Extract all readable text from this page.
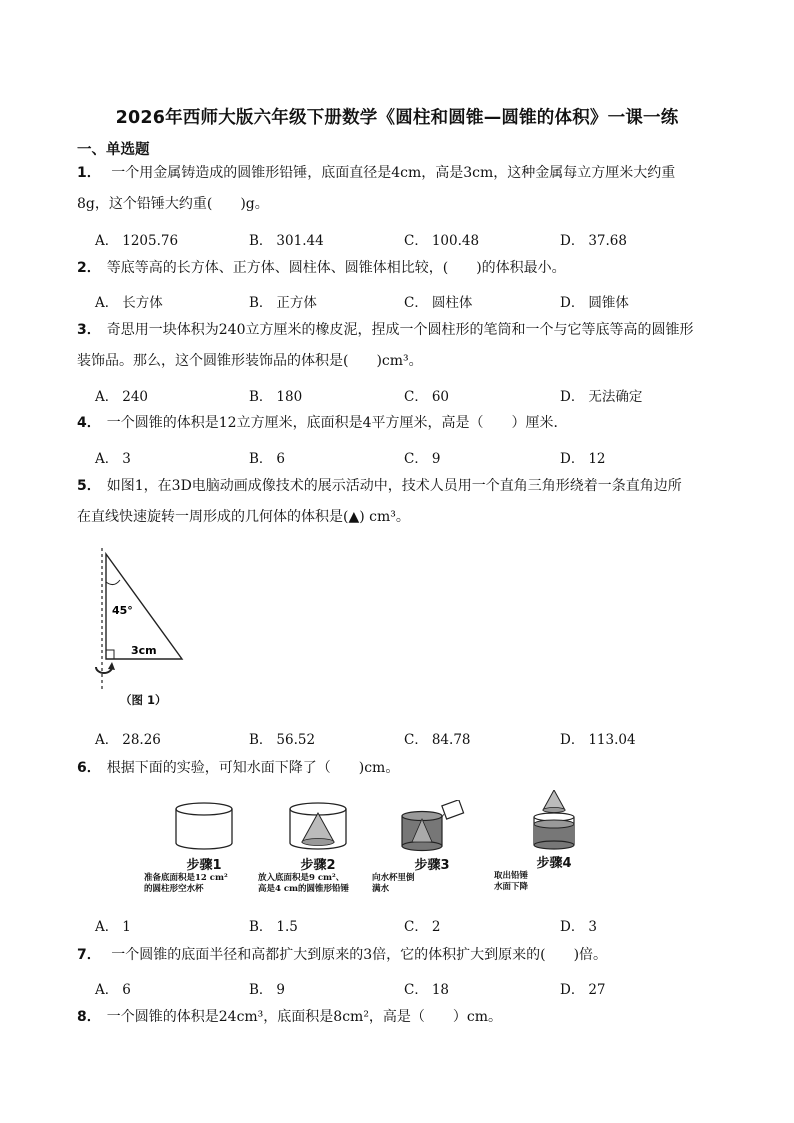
2026年西师大版六年级下册数学《圆柱和圆锥—圆锥的体积》一课一练
一、单选题
1． 一个用金属铸造成的圆锥形铅锤，底面直径是4cm，高是3cm，这种金属每立方厘米大约重
8g，这个铅锤大约重(　　)g。
A． 1205.76	B． 301.44	C． 100.48	D． 37.68
2． 等底等高的长方体、正方体、圆柱体、圆锥体相比较，(　　)的体积最小。
A． 长方体	B． 正方体	C． 圆柱体	D． 圆锥体
3． 奇思用一块体积为240立方厘米的橡皮泥，捏成一个圆柱形的笔筒和一个与它等底等高的圆锥形
装饰品。那么，这个圆锥形装饰品的体积是(　　)cm³。
A． 240	B． 180	C． 60	D． 无法确定
4． 一个圆锥的体积是12立方厘米，底面积是4平方厘米，高是（　　）厘米．
A． 3	B． 6	C． 9	D． 12
5． 如图1，在3D电脑动画成像技术的展示活动中，技术人员用一个直角三角形绕着一条直角边所
在直线快速旋转一周形成的几何体的体积是(▲) cm³。
45°
3cm
（图 1）
A． 28.26	B． 56.52	C． 84.78	D． 113.04
6． 根据下面的实验，可知水面下降了（　　)cm。
步骤1
准备底面积是12 cm²
的圆柱形空水杯
步骤2
放入底面积是9 cm²、
高是4 cm的圆锥形铅锤
步骤3
向水杯里倒
满水
步骤4
取出铅锤
水面下降
A． 1	B． 1.5	C． 2	D． 3
7． 一个圆锥的底面半径和高都扩大到原来的3倍，它的体积扩大到原来的(　　)倍。
A． 6	B． 9	C． 18	D． 27
8． 一个圆锥的体积是24cm³，底面积是8cm²，高是（　　）cm。
